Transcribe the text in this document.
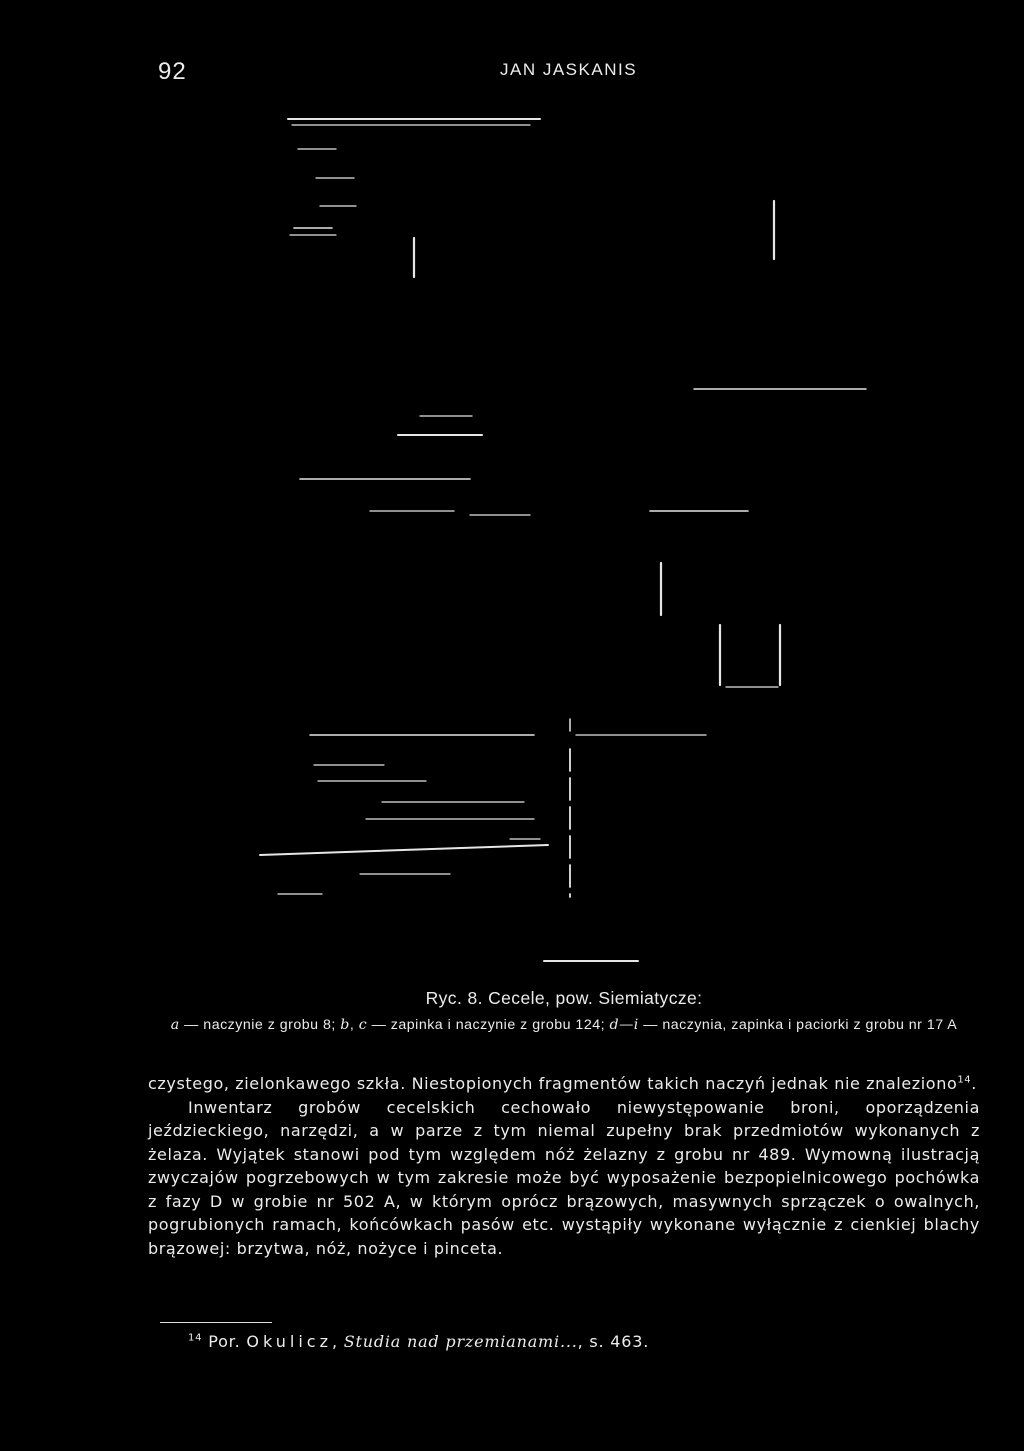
92	JAN JASKANIS
Ryc. 8. Cecele, pow. Siemiatycze:
a — naczynie z grobu 8; b, c — zapinka i naczynie z grobu 124; d—i — naczynia, zapinka i paciorki z grobu nr 17 A

czystego, zielonkawego szkła. Niestopionych fragmentów takich naczyń jednak nie znaleziono$^{14}$.

Inwentarz grobów cecelskich cechowało niewystępowanie broni, oporządzenia jeździeckiego, narzędzi, a w parze z tym niemal zupełny brak przedmiotów wykonanych z żelaza. Wyjątek stanowi pod tym względem nóż żelazny z grobu nr 489. Wymowną ilustracją zwyczajów pogrzebowych w tym zakresie może być wyposażenie bezpopielnicowego pochówka z fazy D w grobie nr 502 A, w którym oprócz brązowych, masywnych sprzączek o owalnych, pogrubionych ramach, końcówkach pasów etc. wystąpiły wykonane wyłącznie z cienkiej blachy brązowej: brzytwa, nóż, nożyce i pinceta.

$^{14}$ Por. Okulicz, Studia nad przemianami..., s. 463.
